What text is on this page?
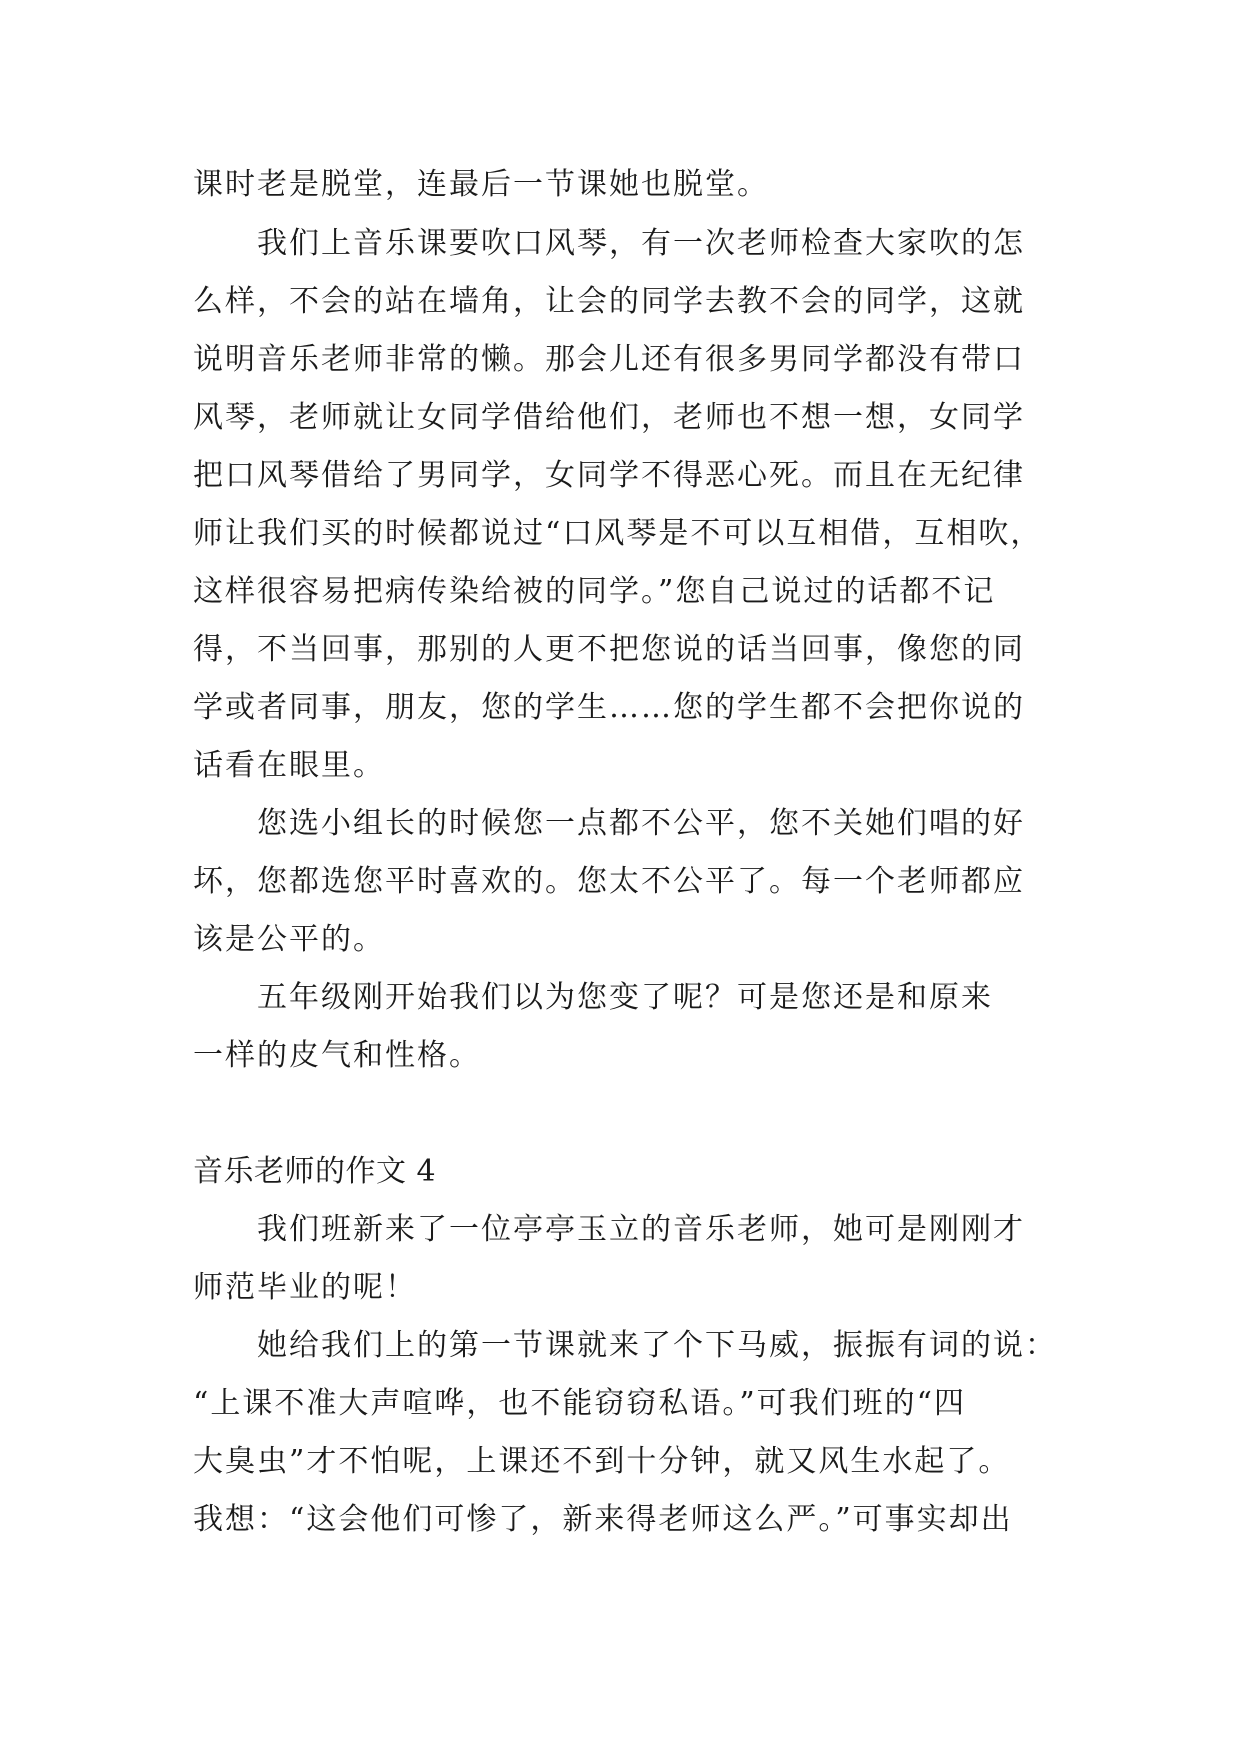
课时老是脱堂，连最后一节课她也脱堂。
我们上音乐课要吹口风琴，有一次老师检查大家吹的怎
么样，不会的站在墙角，让会的同学去教不会的同学，这就
说明音乐老师非常的懒。那会儿还有很多男同学都没有带口
风琴，老师就让女同学借给他们，老师也不想一想，女同学
把口风琴借给了男同学，女同学不得恶心死。而且在无纪律
师让我们买的时候都说过“口风琴是不可以互相借，互相吹，
这样很容易把病传染给被的同学。”您自己说过的话都不记
得，不当回事，那别的人更不把您说的话当回事，像您的同
学或者同事，朋友，您的学生……您的学生都不会把你说的
话看在眼里。
您选小组长的时候您一点都不公平，您不关她们唱的好
坏，您都选您平时喜欢的。您太不公平了。每一个老师都应
该是公平的。
五年级刚开始我们以为您变了呢？可是您还是和原来
一样的皮气和性格。
音乐老师的作文 4
我们班新来了一位亭亭玉立的音乐老师，她可是刚刚才
师范毕业的呢！
她给我们上的第一节课就来了个下马威，振振有词的说：
“上课不准大声喧哗，也不能窃窃私语。”可我们班的“四
大臭虫”才不怕呢，上课还不到十分钟，就又风生水起了。
我想：“这会他们可惨了，新来得老师这么严。”可事实却出
